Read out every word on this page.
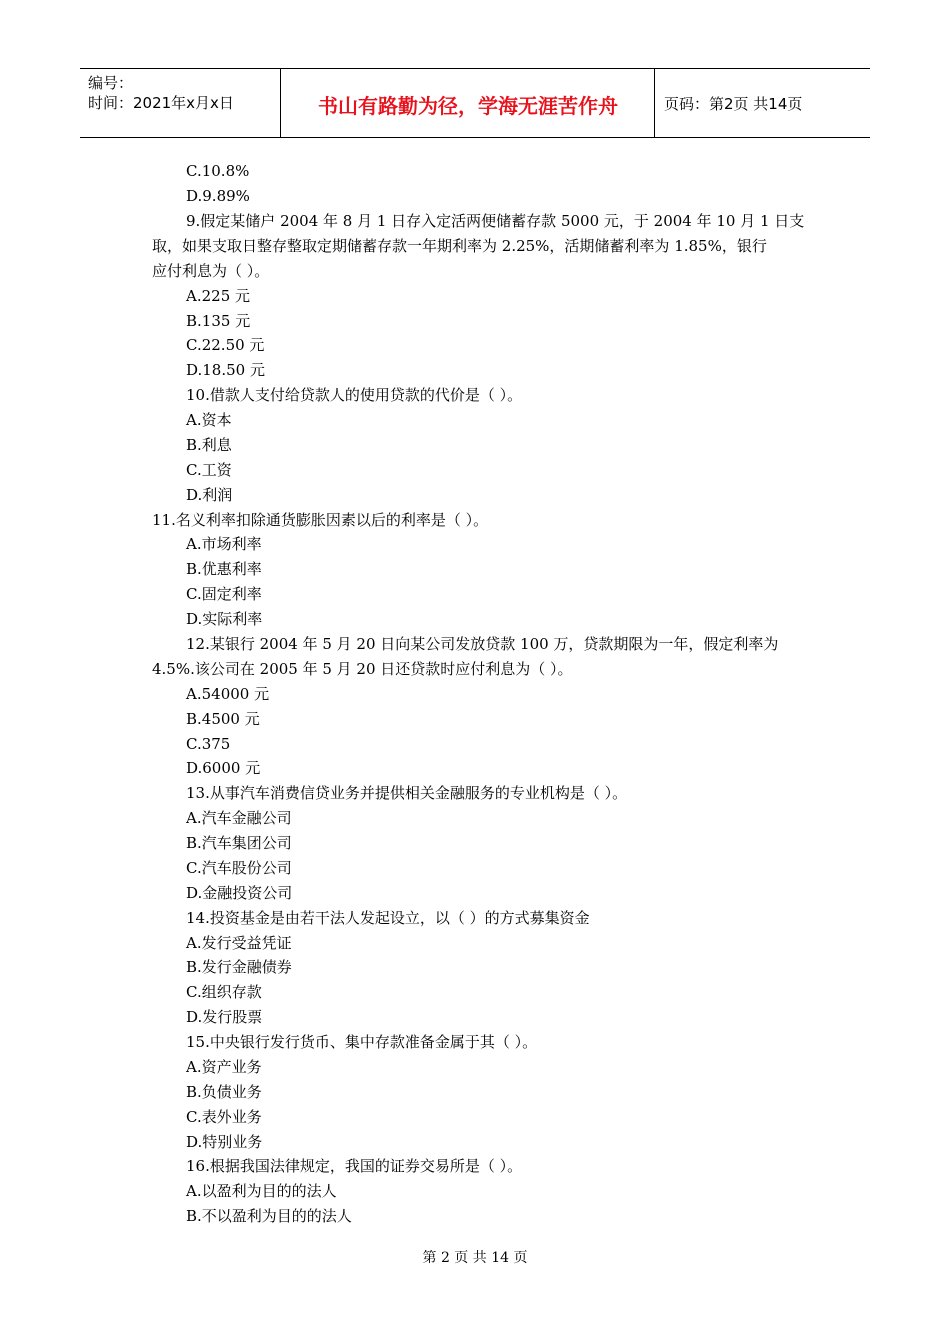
编号：
时间：2021年x月x日	书山有路勤为径，学海无涯苦作舟	页码：第2页 共14页
C.10.8%
D.9.89%
9.假定某储户 2004 年 8 月 1 日存入定活两便储蓄存款 5000 元，于 2004 年 10 月 1 日支
取，如果支取日整存整取定期储蓄存款一年期利率为 2.25%，活期储蓄利率为 1.85%，银行
应付利息为（ ）。
A.225 元
B.135 元
C.22.50 元
D.18.50 元
10.借款人支付给贷款人的使用贷款的代价是（ ）。
A.资本
B.利息
C.工资
D.利润
11.名义利率扣除通货膨胀因素以后的利率是（ ）。
A.市场利率
B.优惠利率
C.固定利率
D.实际利率
12.某银行 2004 年 5 月 20 日向某公司发放贷款 100 万，贷款期限为一年，假定利率为
4.5%.该公司在 2005 年 5 月 20 日还贷款时应付利息为（ ）。
A.54000 元
B.4500 元
C.375
D.6000 元
13.从事汽车消费信贷业务并提供相关金融服务的专业机构是（ ）。
A.汽车金融公司
B.汽车集团公司
C.汽车股份公司
D.金融投资公司
14.投资基金是由若干法人发起设立，以（ ）的方式募集资金
A.发行受益凭证
B.发行金融债券
C.组织存款
D.发行股票
15.中央银行发行货币、集中存款准备金属于其（ ）。
A.资产业务
B.负债业务
C.表外业务
D.特别业务
16.根据我国法律规定，我国的证券交易所是（ ）。
A.以盈利为目的的法人
B.不以盈利为目的的法人
第 2 页 共 14 页
